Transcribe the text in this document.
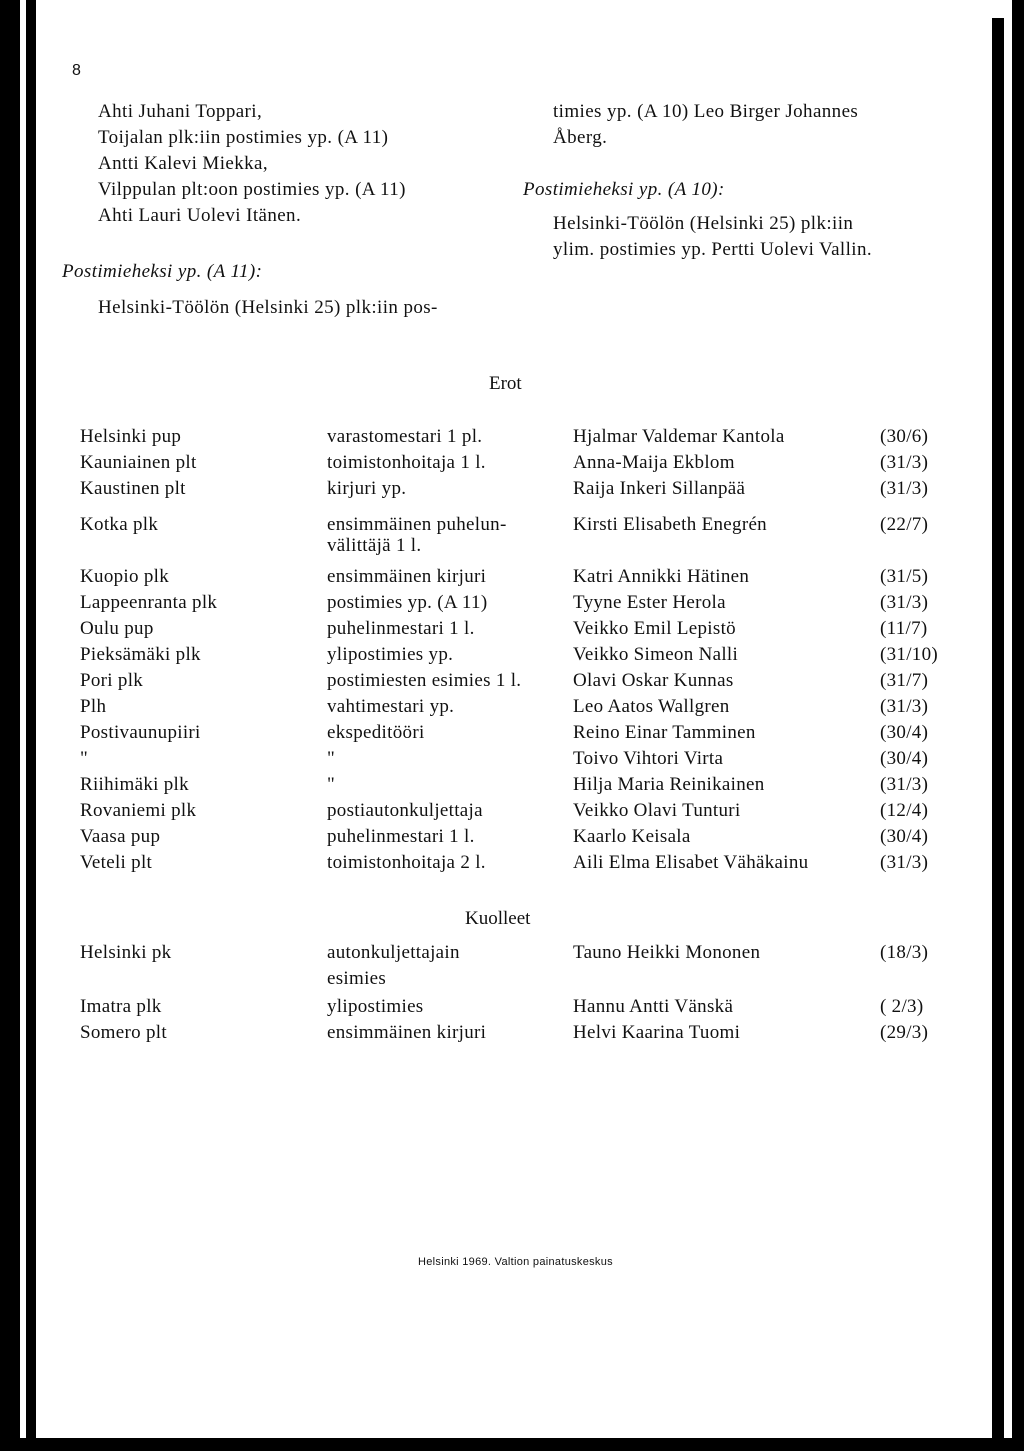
8
Ahti Juhani Toppari,
Toijalan plk:iin postimies yp. (A 11)
Antti Kalevi Miekka,
Vilppulan plt:oon postimies yp. (A 11)
Ahti Lauri Uolevi Itänen.
Postimieheksi yp. (A 11):
Helsinki-Töölön (Helsinki 25) plk:iin pos-
timies yp. (A 10) Leo Birger Johannes
Åberg.
Postimieheksi yp. (A 10):
Helsinki-Töölön (Helsinki 25) plk:iin
ylim. postimies yp. Pertti Uolevi Vallin.
Erot
Helsinki pup	varastomestari 1 pl.	Hjalmar Valdemar Kantola	(30/6)
Kauniainen plt	toimistonhoitaja 1 l.	Anna-Maija Ekblom	(31/3)
Kaustinen plt	kirjuri yp.	Raija Inkeri Sillanpää	(31/3)
Kotka plk	ensimmäinen puhelun-	Kirsti Elisabeth Enegrén	(22/7)
välittäjä 1 l.
Kuopio plk	ensimmäinen kirjuri	Katri Annikki Hätinen	(31/5)
Lappeenranta plk	postimies yp. (A 11)	Tyyne Ester Herola	(31/3)
Oulu pup	puhelinmestari 1 l.	Veikko Emil Lepistö	(11/7)
Pieksämäki plk	ylipostimies yp.	Veikko Simeon Nalli	(31/10)
Pori plk	postimiesten esimies 1 l.	Olavi Oskar Kunnas	(31/7)
Plh	vahtimestari yp.	Leo Aatos Wallgren	(31/3)
Postivaunupiiri	ekspeditööri	Reino Einar Tamminen	(30/4)
"	"	Toivo Vihtori Virta	(30/4)
Riihimäki plk	"	Hilja Maria Reinikainen	(31/3)
Rovaniemi plk	postiautonkuljettaja	Veikko Olavi Tunturi	(12/4)
Vaasa pup	puhelinmestari 1 l.	Kaarlo Keisala	(30/4)
Veteli plt	toimistonhoitaja 2 l.	Aili Elma Elisabet Vähäkainu	(31/3)
Kuolleet
Helsinki pk	autonkuljettajain	Tauno Heikki Mononen	(18/3)
esimies
Imatra plk	ylipostimies	Hannu Antti Vänskä	( 2/3)
Somero plt	ensimmäinen kirjuri	Helvi Kaarina Tuomi	(29/3)
Helsinki 1969. Valtion painatuskeskus
